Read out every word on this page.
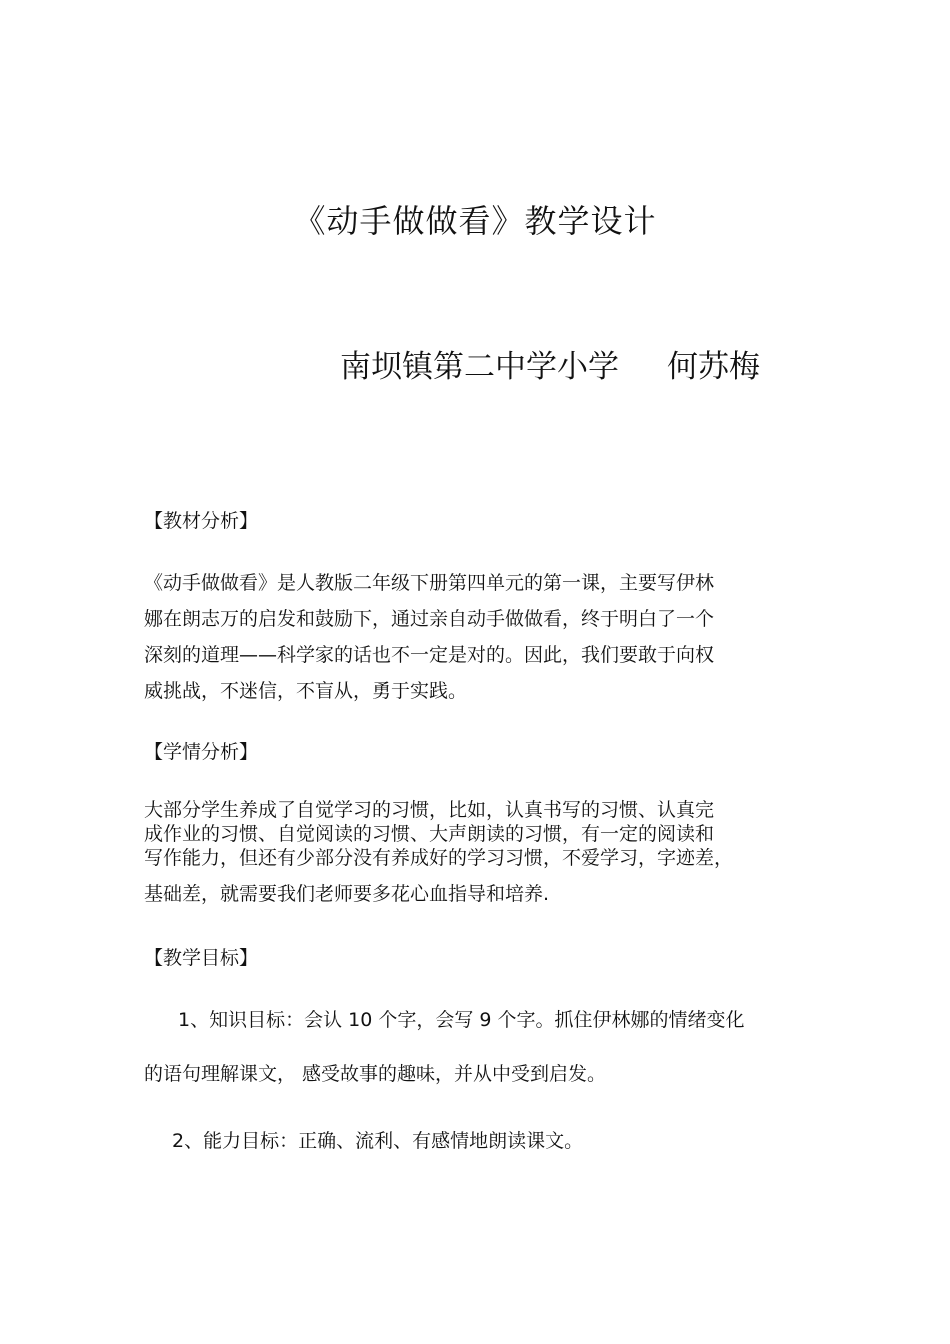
《动手做做看》教学设计
南坝镇第二中学小学 何苏梅
【教材分析】
《动手做做看》是人教版二年级下册第四单元的第一课，主要写伊林
娜在朗志万的启发和鼓励下，通过亲自动手做做看，终于明白了一个
深刻的道理——科学家的话也不一定是对的。因此，我们要敢于向权
威挑战，不迷信，不盲从，勇于实践。
【学情分析】
大部分学生养成了自觉学习的习惯，比如，认真书写的习惯、认真完
成作业的习惯、自觉阅读的习惯、大声朗读的习惯，有一定的阅读和
写作能力，但还有少部分没有养成好的学习习惯，不爱学习，字迹差，
基础差，就需要我们老师要多花心血指导和培养.
【教学目标】
1、知识目标：会认 10 个字，会写 9 个字。抓住伊林娜的情绪变化
的语句理解课文， 感受故事的趣味，并从中受到启发。
2、能力目标：正确、流利、有感情地朗读课文。
